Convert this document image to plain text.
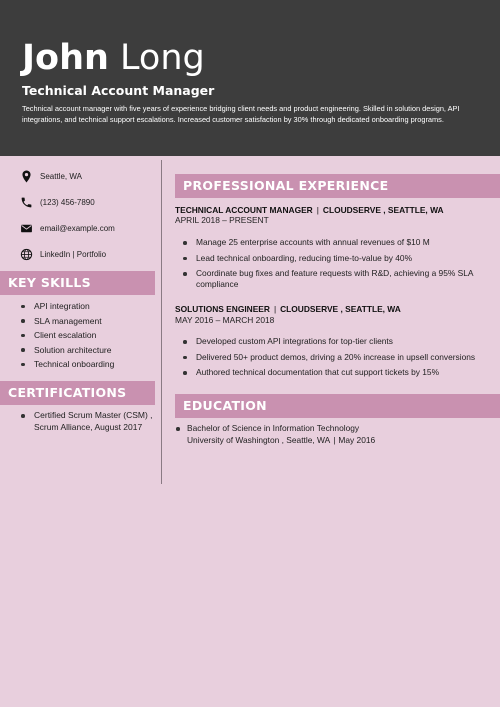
John Long
Technical Account Manager
Technical account manager with five years of experience bridging client needs and product engineering. Skilled in solution design, API integrations, and technical support escalations. Increased customer satisfaction by 30% through dedicated onboarding programs.
Seattle, WA
(123) 456-7890
email@example.com
LinkedIn | Portfolio
KEY SKILLS
API integration
SLA management
Client escalation
Solution architecture
Technical onboarding
CERTIFICATIONS
Certified Scrum Master (CSM) , Scrum Alliance, August 2017
PROFESSIONAL EXPERIENCE
TECHNICAL ACCOUNT MANAGER | CLOUDSERVE , SEATTLE, WA
APRIL 2018 – PRESENT
Manage 25 enterprise accounts with annual revenues of $10 M
Lead technical onboarding, reducing time-to-value by 40%
Coordinate bug fixes and feature requests with R&D, achieving a 95% SLA compliance
SOLUTIONS ENGINEER | CLOUDSERVE , SEATTLE, WA
MAY 2016 – MARCH 2018
Developed custom API integrations for top-tier clients
Delivered 50+ product demos, driving a 20% increase in upsell conversions
Authored technical documentation that cut support tickets by 15%
EDUCATION
Bachelor of Science in Information Technology
University of Washington , Seattle, WA | May 2016
